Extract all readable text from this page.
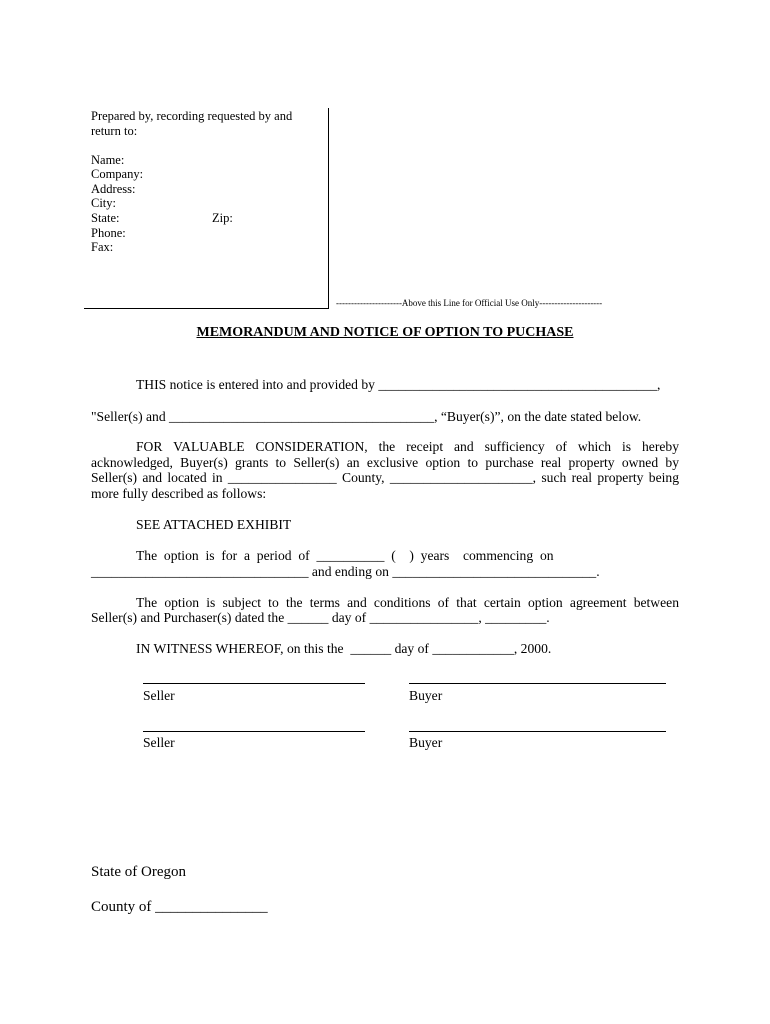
Prepared by, recording requested by and
return to:
Name:
Company:
Address:
City:
State:	Zip:
Phone:
Fax:
----------------------Above this Line for Official Use Only---------------------
MEMORANDUM AND NOTICE OF OPTION TO PUCHASE
THIS notice is entered into and provided by _________________________________________,
"Seller(s) and _______________________________________, “Buyer(s)”, on the date stated below.
FOR VALUABLE CONSIDERATION, the receipt and sufficiency of which is hereby
acknowledged, Buyer(s) grants to Seller(s) an exclusive option to purchase real property owned by
Seller(s) and located in ________________ County, _____________________, such real property being
more fully described as follows:
SEE ATTACHED EXHIBIT
The  option  is  for  a  period  of  __________  (    )  years    commencing  on
________________________________ and ending on ______________________________.
The option is subject to the terms and conditions of that certain option agreement between
Seller(s) and Purchaser(s) dated the ______ day of ________________, _________.
IN WITNESS WHEREOF, on this the  ______ day of ____________, 2000.
Seller	Buyer
Seller	Buyer
State of Oregon
County of _______________
